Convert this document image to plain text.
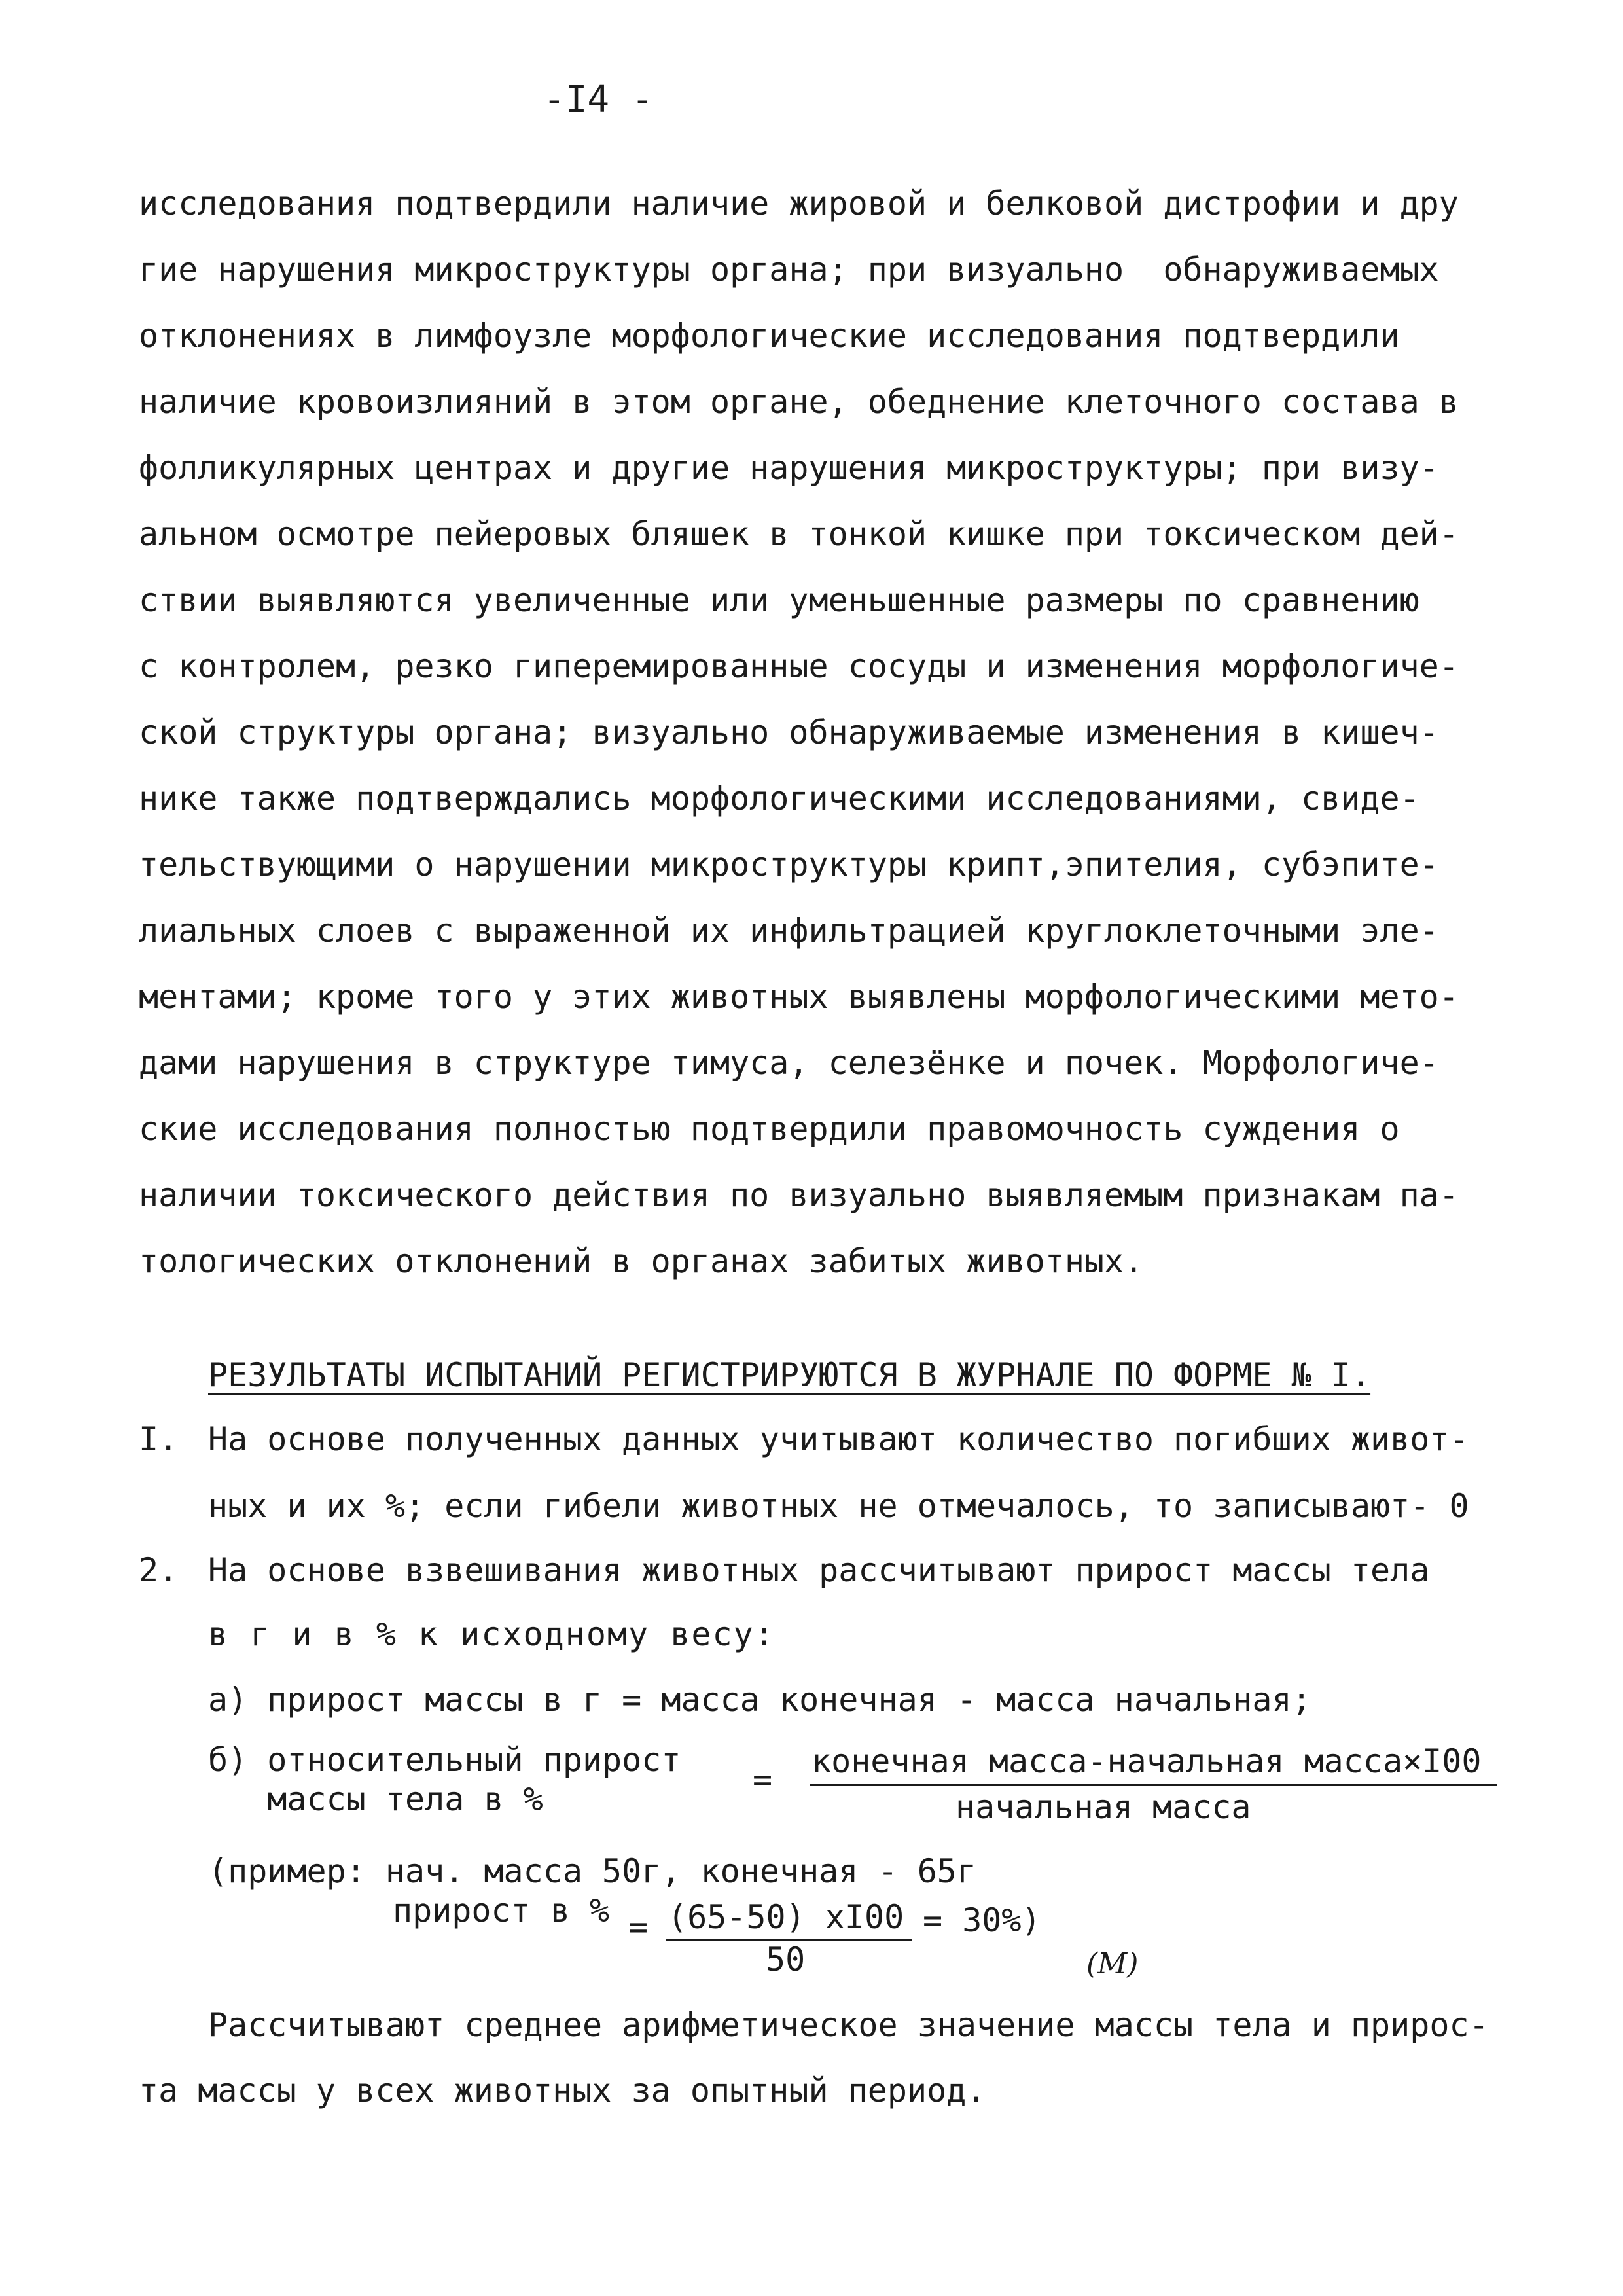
-I4 -
исследования подтвердили наличие жировой и белковой дистрофии и дру
гие нарушения микроструктуры органа; при визуально  обнаруживаемых
отклонениях в лимфоузле морфологические исследования подтвердили
наличие кровоизлияний в этом органе, обеднение клеточного состава в
фолликулярных центрах и другие нарушения микроструктуры; при визу-
альном осмотре пейеровых бляшек в тонкой кишке при токсическом дей-
ствии выявляются увеличенные или уменьшенные размеры по сравнению
с контролем, резко гиперемированные сосуды и изменения морфологиче-
ской структуры органа; визуально обнаруживаемые изменения в кишеч-
нике также подтверждались морфологическими исследованиями, свиде-
тельствующими о нарушении микроструктуры крипт,эпителия, субэпите-
лиальных слоев с выраженной их инфильтрацией круглоклеточными эле-
ментами; кроме того у этих животных выявлены морфологическими мето-
дами нарушения в структуре тимуса, селезёнке и почек. Морфологиче-
ские исследования полностью подтвердили правомочность суждения о
наличии токсического действия по визуально выявляемым признакам па-
тологических отклонений в органах забитых животных.
РЕЗУЛЬТАТЫ ИСПЫТАНИЙ РЕГИСТРИРУЮТСЯ В ЖУРНАЛЕ ПО ФОРМЕ № I.
I. На основе полученных данных учитывают количество погибших живот-
ных и их %; если гибели животных не отмечалось, то записывают- 0
2. На основе взвешивания животных рассчитывают прирост массы тела
в г и в % к исходному весу:
а) прирост массы в г = масса конечная - масса начальная;
б) относительный прирост
массы тела в %
= конечная масса-начальная масса×I00
начальная масса
(пример: нач. масса 50г, конечная - 65г
прирост в % = (65-50) хI00
50
= 30%)
(М)
Рассчитывают среднее арифметическое значение массы тела и прирос-
та массы у всех животных за опытный период.
